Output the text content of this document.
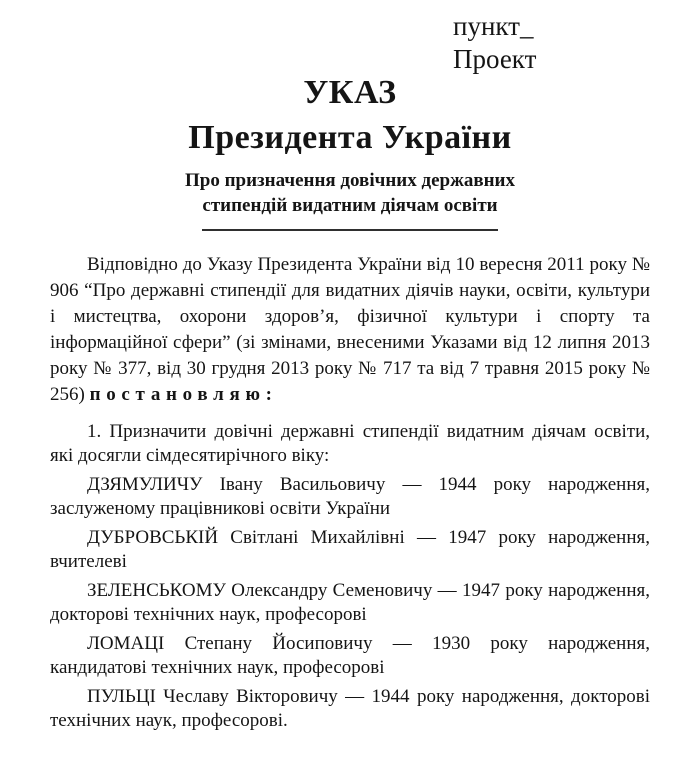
пункт_
Проект
УКАЗ
Президента України
Про призначення довічних державних
стипендій видатним діячам освіти

Відповідно до Указу Президента України від 10 вересня 2011 року № 906 “Про державні стипендії для видатних діячів науки, освіти, культури і мистецтва, охорони здоров’я, фізичної культури і спорту та інформаційної сфери” (зі змінами, внесеними Указами від 12 липня 2013 року № 377, від 30 грудня 2013 року № 717 та від 7 травня 2015 року № 256) постановляю:

1. Призначити довічні державні стипендії видатним діячам освіти, які досягли сімдесятирічного віку:

ДЗЯМУЛИЧУ Івану Васильовичу — 1944 року народження, заслуженому працівникові освіти України

ДУБРОВСЬКІЙ Світлані Михайлівні — 1947 року народження, вчителеві

ЗЕЛЕНСЬКОМУ Олександру Семеновичу — 1947 року народження, докторові технічних наук, професорові

ЛОМАЦІ Степану Йосиповичу — 1930 року народження, кандидатові технічних наук, професорові

ПУЛЬЦІ Чеславу Вікторовичу — 1944 року народження, докторові технічних наук, професорові.
